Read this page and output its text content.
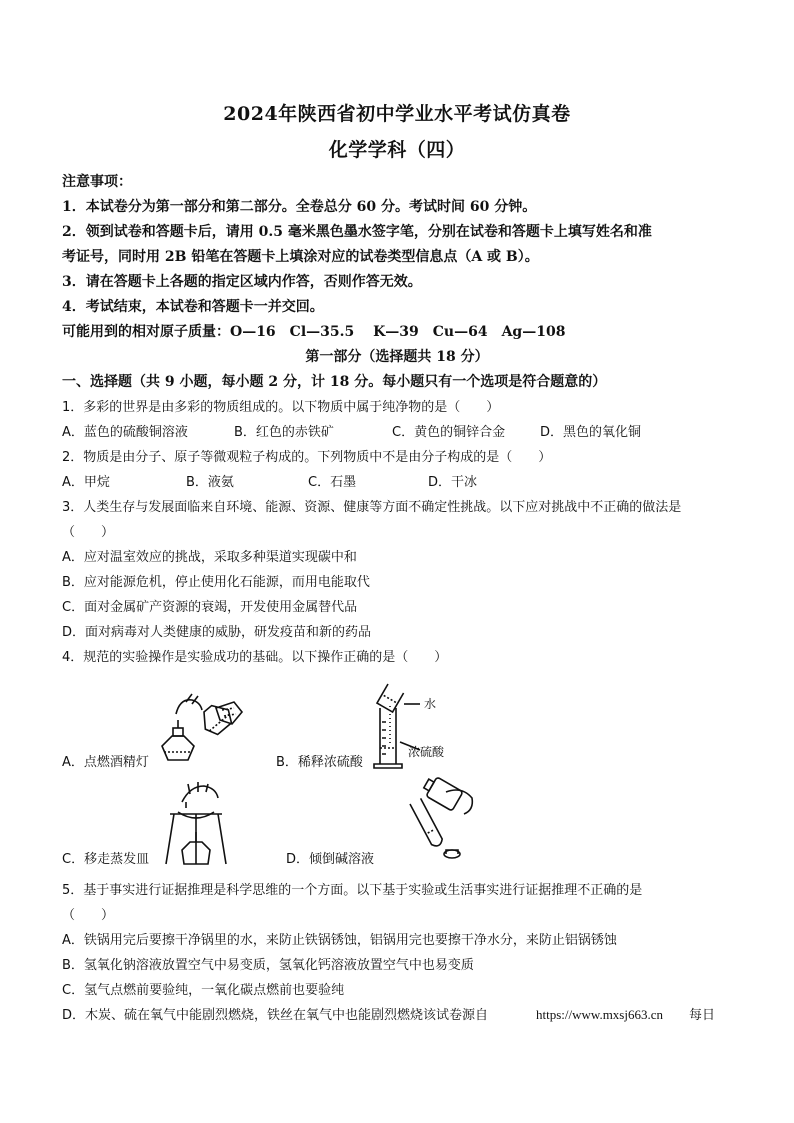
2024年陕西省初中学业水平考试仿真卷
化学学科（四）
注意事项：
1．本试卷分为第一部分和第二部分。全卷总分 60 分。考试时间 60 分钟。
2．领到试卷和答题卡后，请用 0.5 毫米黑色墨水签字笔，分别在试卷和答题卡上填写姓名和准
考证号，同时用 2B 铅笔在答题卡上填涂对应的试卷类型信息点（A 或 B）。
3．请在答题卡上各题的指定区域内作答，否则作答无效。
4．考试结束，本试卷和答题卡一并交回。
可能用到的相对原子质量：O—16　Cl—35.5　 K—39　Cu—64　Ag—108
第一部分（选择题共 18 分）
一、选择题（共 9 小题，每小题 2 分，计 18 分。每小题只有一个选项是符合题意的）
1．多彩的世界是由多彩的物质组成的。以下物质中属于纯净物的是（　　）
A．蓝色的硫酸铜溶液	B．红色的赤铁矿	C．黄色的铜锌合金	D．黑色的氧化铜
2．物质是由分子、原子等微观粒子构成的。下列物质中不是由分子构成的是（　　）
A．甲烷	B．液氨	C．石墨	D．干冰
3．人类生存与发展面临来自环境、能源、资源、健康等方面不确定性挑战。以下应对挑战中不正确的做法是
（　　）
A．应对温室效应的挑战，采取多种渠道实现碳中和
B．应对能源危机，停止使用化石能源，而用电能取代
C．面对金属矿产资源的衰竭，开发使用金属替代品
D．面对病毒对人类健康的威胁，研发疫苗和新的药品
4．规范的实验操作是实验成功的基础。以下操作正确的是（　　）
A．点燃酒精灯
水
浓硫酸
B．稀释浓硫酸
C．移走蒸发皿	D．倾倒碱溶液
5．基于事实进行证据推理是科学思维的一个方面。以下基于实验或生活事实进行证据推理不正确的是
（　　）
A．铁锅用完后要擦干净锅里的水，来防止铁锅锈蚀，铝锅用完也要擦干净水分，来防止铝锅锈蚀
B．氢氧化钠溶液放置空气中易变质，氢氧化钙溶液放置空气中也易变质
C．氢气点燃前要验纯，一氧化碳点燃前也要验纯
D．木炭、硫在氧气中能剧烈燃烧，铁丝在氧气中也能剧烈燃烧该试卷源自	https://www.mxsj663.cn 每日
